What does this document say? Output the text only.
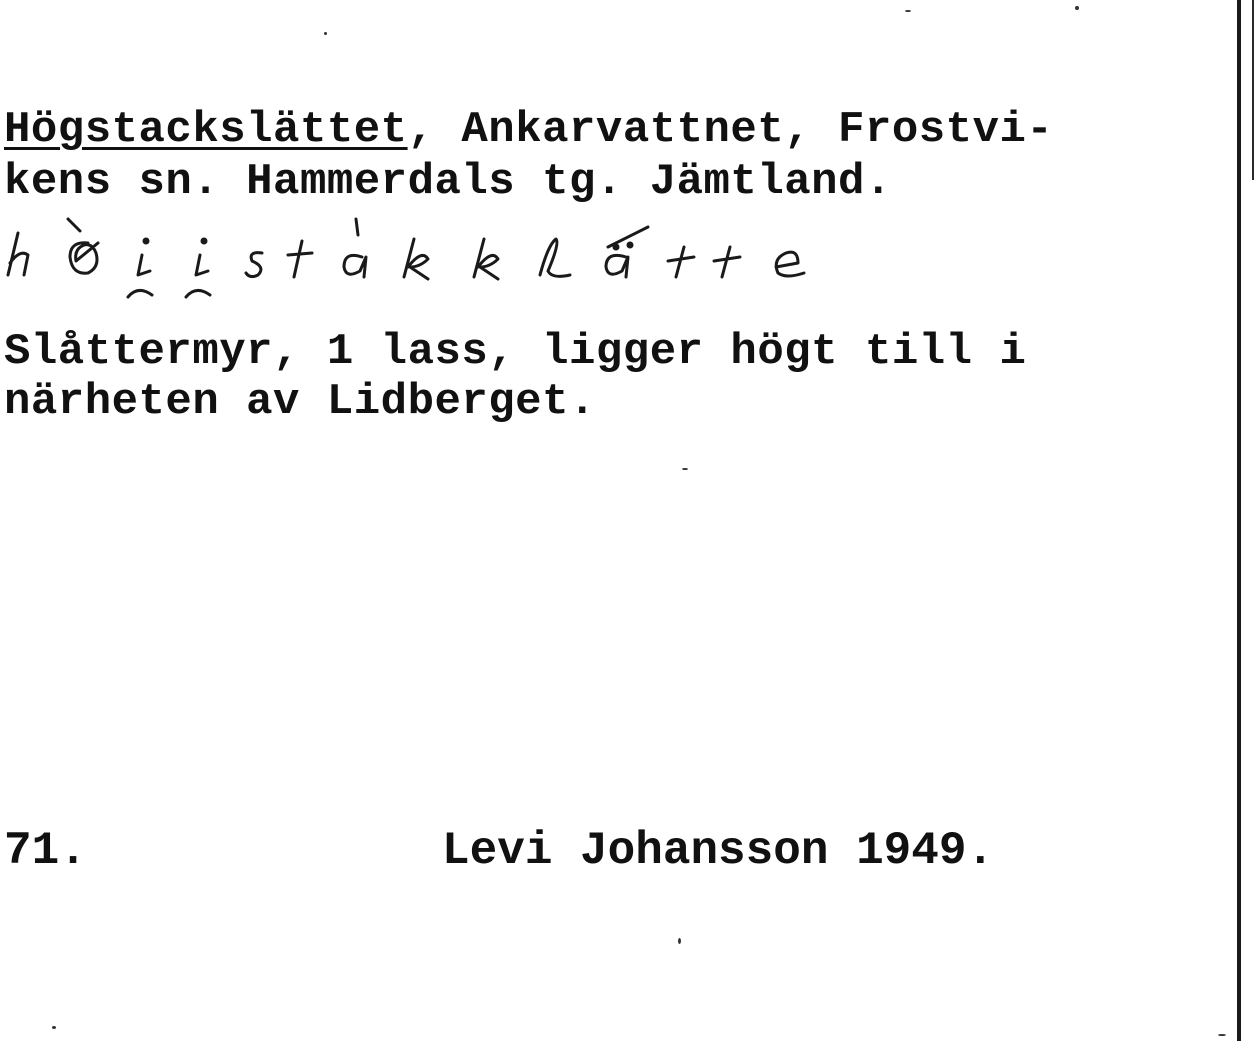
Högstackslättet, Ankarvattnet, Frostvi-
kens sn. Hammerdals tg. Jämtland.
Slåttermyr, 1 lass, ligger högt till i
närheten av Lidberget.
71.	Levi Johansson 1949.
